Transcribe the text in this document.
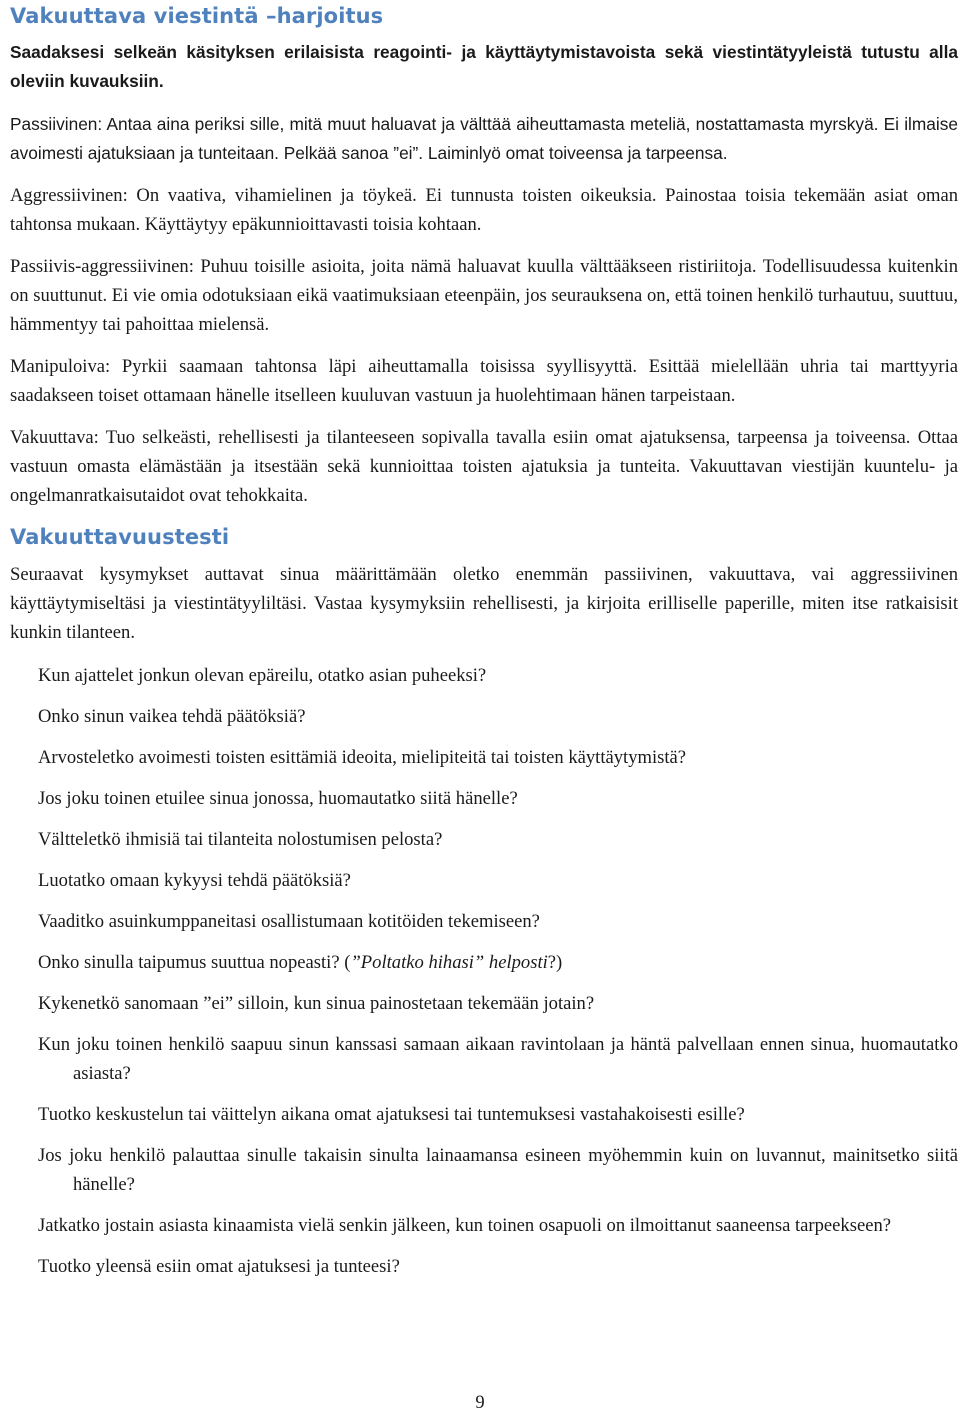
Vakuuttava viestintä –harjoitus

Saadaksesi selkeän käsityksen erilaisista reagointi- ja käyttäytymistavoista sekä viestintätyyleistä tutustu alla oleviin kuvauksiin.

Passiivinen: Antaa aina periksi sille, mitä muut haluavat ja välttää aiheuttamasta meteliä, nostattamasta myrskyä. Ei ilmaise avoimesti ajatuksiaan ja tunteitaan. Pelkää sanoa ”ei”. Laiminlyö omat toiveensa ja tarpeensa.

Aggressiivinen: On vaativa, vihamielinen ja töykeä. Ei tunnusta toisten oikeuksia. Painostaa toisia tekemään asiat oman tahtonsa mukaan. Käyttäytyy epäkunnioittavasti toisia kohtaan.

Passiivis-aggressiivinen: Puhuu toisille asioita, joita nämä haluavat kuulla välttääkseen ristiriitoja. Todellisuudessa kuitenkin on suuttunut. Ei vie omia odotuksiaan eikä vaatimuksiaan eteenpäin, jos seurauksena on, että toinen henkilö turhautuu, suuttuu, hämmentyy tai pahoittaa mielensä.

Manipuloiva: Pyrkii saamaan tahtonsa läpi aiheuttamalla toisissa syyllisyyttä. Esittää mielellään uhria tai marttyyria saadakseen toiset ottamaan hänelle itselleen kuuluvan vastuun ja huolehtimaan hänen tarpeistaan.

Vakuuttava: Tuo selkeästi, rehellisesti ja tilanteeseen sopivalla tavalla esiin omat ajatuksensa, tarpeensa ja toiveensa. Ottaa vastuun omasta elämästään ja itsestään sekä kunnioittaa toisten ajatuksia ja tunteita. Vakuuttavan viestijän kuuntelu- ja ongelmanratkaisutaidot ovat tehokkaita.

Vakuuttavuustesti

Seuraavat kysymykset auttavat sinua määrittämään oletko enemmän passiivinen, vakuuttava, vai aggressiivinen käyttäytymiseltäsi ja viestintätyyliltäsi. Vastaa kysymyksiin rehellisesti, ja kirjoita erilliselle paperille, miten itse ratkaisisit kunkin tilanteen.

Kun ajattelet jonkun olevan epäreilu, otatko asian puheeksi?
Onko sinun vaikea tehdä päätöksiä?
Arvosteletko avoimesti toisten esittämiä ideoita, mielipiteitä tai toisten käyttäytymistä?
Jos joku toinen etuilee sinua jonossa, huomautatko siitä hänelle?
Vältteletkö ihmisiä tai tilanteita nolostumisen pelosta?
Luotatko omaan kykyysi tehdä päätöksiä?
Vaaditko asuinkumppaneitasi osallistumaan kotitöiden tekemiseen?
Onko sinulla taipumus suuttua nopeasti? (”Poltatko hihasi” helposti?)
Kykenetkö sanomaan ”ei” silloin, kun sinua painostetaan tekemään jotain?
Kun joku toinen henkilö saapuu sinun kanssasi samaan aikaan ravintolaan ja häntä palvellaan ennen sinua, huomautatko asiasta?
Tuotko keskustelun tai väittelyn aikana omat ajatuksesi tai tuntemuksesi vastahakoisesti esille?
Jos joku henkilö palauttaa sinulle takaisin sinulta lainaamansa esineen myöhemmin kuin on luvannut, mainitsetko siitä hänelle?
Jatkatko jostain asiasta kinaamista vielä senkin jälkeen, kun toinen osapuoli on ilmoittanut saaneensa tarpeekseen?
Tuotko yleensä esiin omat ajatuksesi ja tunteesi?
9
